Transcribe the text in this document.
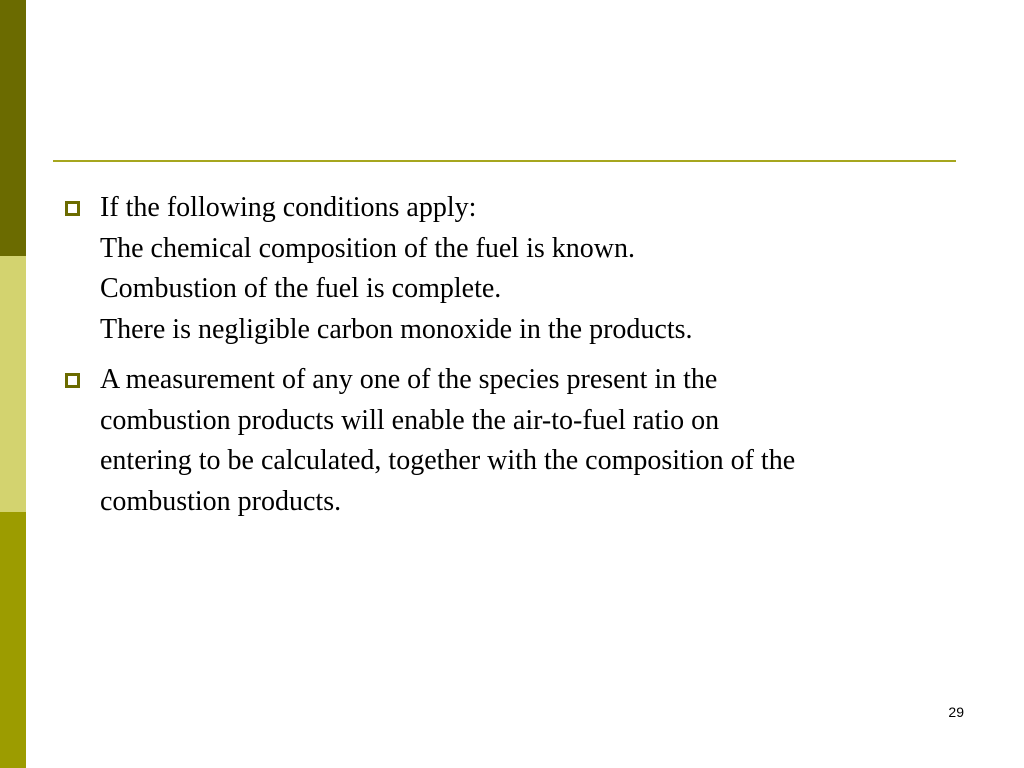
If the following conditions apply:
The chemical composition of the fuel is known.
Combustion of the fuel is complete.
There is negligible carbon monoxide in the products.
A measurement of any one of the species present in the
combustion products will enable the air-to-fuel ratio on
entering to be calculated, together with the composition of the
combustion products.
29
